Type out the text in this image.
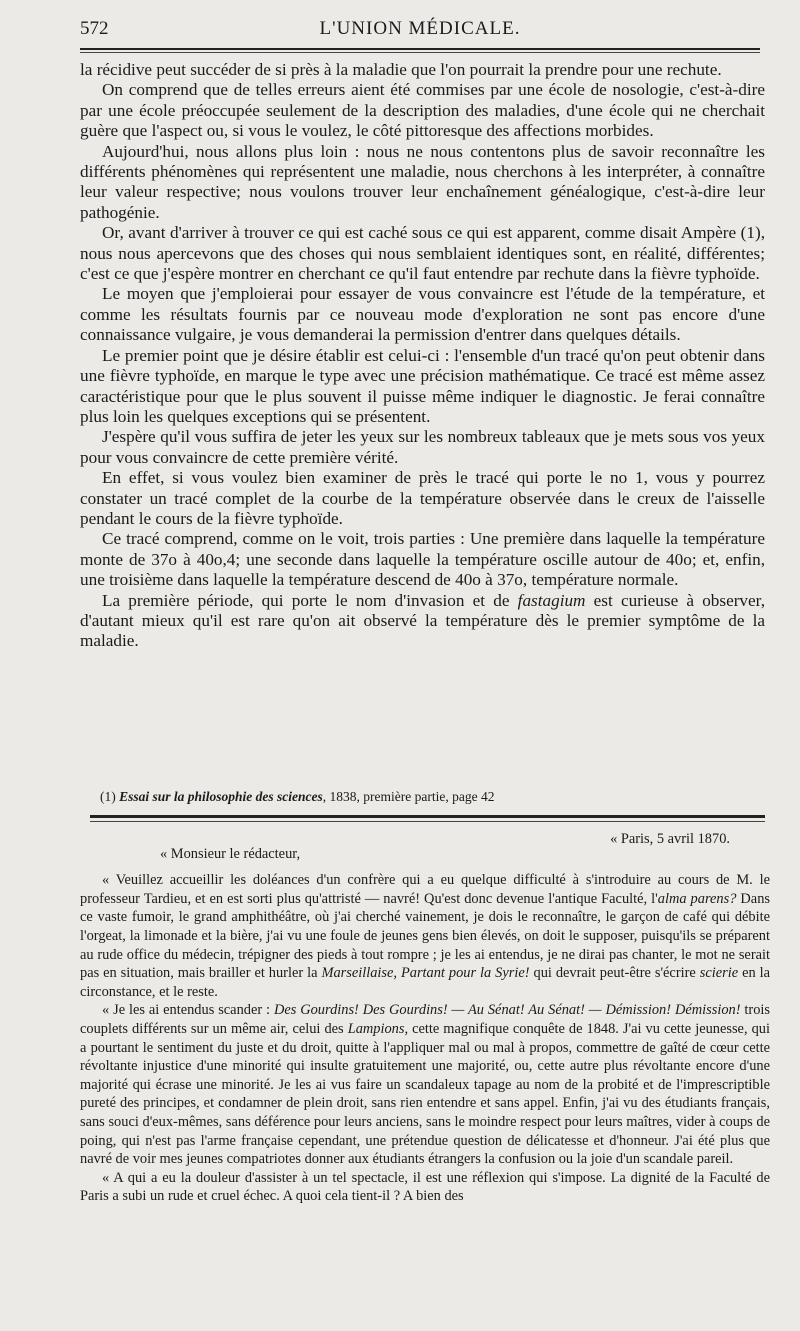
572	L'UNION MÉDICALE.

la récidive peut succéder de si près à la maladie que l'on pourrait la prendre pour une rechute.

On comprend que de telles erreurs aient été commises par une école de nosologie, c'est-à-dire par une école préoccupée seulement de la description des maladies, d'une école qui ne cherchait guère que l'aspect ou, si vous le voulez, le côté pittoresque des affections morbides.

Aujourd'hui, nous allons plus loin : nous ne nous contentons plus de savoir reconnaître les différents phénomènes qui représentent une maladie, nous cherchons à les interpréter, à connaître leur valeur respective; nous voulons trouver leur enchaînement généalogique, c'est-à-dire leur pathogénie.

Or, avant d'arriver à trouver ce qui est caché sous ce qui est apparent, comme disait Ampère (1), nous nous apercevons que des choses qui nous semblaient identiques sont, en réalité, différentes; c'est ce que j'espère montrer en cherchant ce qu'il faut entendre par rechute dans la fièvre typhoïde.

Le moyen que j'emploierai pour essayer de vous convaincre est l'étude de la température, et comme les résultats fournis par ce nouveau mode d'exploration ne sont pas encore d'une connaissance vulgaire, je vous demanderai la permission d'entrer dans quelques détails.

Le premier point que je désire établir est celui-ci : l'ensemble d'un tracé qu'on peut obtenir dans une fièvre typhoïde, en marque le type avec une précision mathématique. Ce tracé est même assez caractéristique pour que le plus souvent il puisse même indiquer le diagnostic. Je ferai connaître plus loin les quelques exceptions qui se présentent.

J'espère qu'il vous suffira de jeter les yeux sur les nombreux tableaux que je mets sous vos yeux pour vous convaincre de cette première vérité.

En effet, si vous voulez bien examiner de près le tracé qui porte le no 1, vous y pourrez constater un tracé complet de la courbe de la température observée dans le creux de l'aisselle pendant le cours de la fièvre typhoïde.

Ce tracé comprend, comme on le voit, trois parties : Une première dans laquelle la température monte de 37o à 40o,4; une seconde dans laquelle la température oscille autour de 40o; et, enfin, une troisième dans laquelle la température descend de 40o à 37o, température normale.

La première période, qui porte le nom d'invasion et de fastagium est curieuse à observer, d'autant mieux qu'il est rare qu'on ait observé la température dès le premier symptôme de la maladie.

(1) Essai sur la philosophie des sciences, 1838, première partie, page 42

« Paris, 5 avril 1870.

« Monsieur le rédacteur,

« Veuillez accueillir les doléances d'un confrère qui a eu quelque difficulté à s'introduire au cours de M. le professeur Tardieu, et en est sorti plus qu'attristé — navré! Qu'est donc devenue l'antique Faculté, l'alma parens? Dans ce vaste fumoir, le grand amphithéâtre, où j'ai cherché vainement, je dois le reconnaître, le garçon de café qui débite l'orgeat, la limonade et la bière, j'ai vu une foule de jeunes gens bien élevés, on doit le supposer, puisqu'ils se préparent au rude office du médecin, trépigner des pieds à tout rompre ; je les ai entendus, je ne dirai pas chanter, le mot ne serait pas en situation, mais brailler et hurler la Marseillaise, Partant pour la Syrie! qui devrait peut-être s'écrire scierie en la circonstance, et le reste.

« Je les ai entendus scander : Des Gourdins! Des Gourdins! — Au Sénat! Au Sénat! — Démission! Démission! trois couplets différents sur un même air, celui des Lampions, cette magnifique conquête de 1848. J'ai vu cette jeunesse, qui a pourtant le sentiment du juste et du droit, quitte à l'appliquer mal ou mal à propos, commettre de gaîté de cœur cette révoltante injustice d'une minorité qui insulte gratuitement une majorité, ou, cette autre plus révoltante encore d'une majorité qui écrase une minorité. Je les ai vus faire un scandaleux tapage au nom de la probité et de l'imprescriptible pureté des principes, et condamner de plein droit, sans rien entendre et sans appel. Enfin, j'ai vu des étudiants français, sans souci d'eux-mêmes, sans déférence pour leurs anciens, sans le moindre respect pour leurs maîtres, vider à coups de poing, qui n'est pas l'arme française cependant, une prétendue question de délicatesse et d'honneur. J'ai été plus que navré de voir mes jeunes compatriotes donner aux étudiants étrangers la confusion ou la joie d'un scandale pareil.

« A qui a eu la douleur d'assister à un tel spectacle, il est une réflexion qui s'impose. La dignité de la Faculté de Paris a subi un rude et cruel échec. A quoi cela tient-il ? A bien des
